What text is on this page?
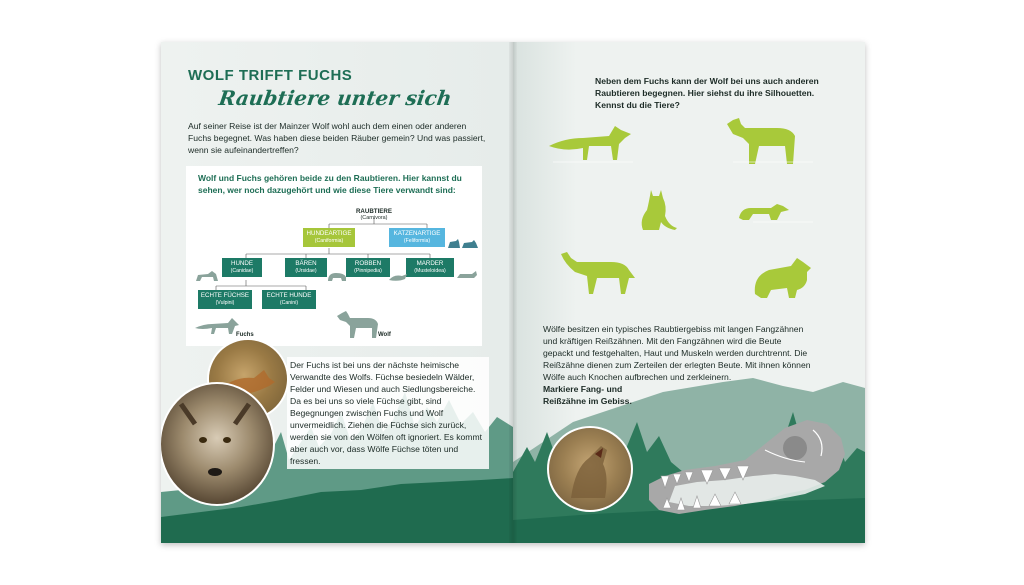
WOLF TRIFFT FUCHS
Raubtiere unter sich
Auf seiner Reise ist der Mainzer Wolf wohl auch dem einen oder anderen Fuchs begegnet. Was haben diese beiden Räuber gemein? Und was passiert, wenn sie aufeinandertreffen?
Wolf und Fuchs gehören beide zu den Raubtieren. Hier kannst du sehen, wer noch dazugehört und wie diese Tiere verwandt sind:
RAUBTIERE
(Carnivora)
HUNDEARTIGE
(Caniformia)
KATZENARTIGE
(Feliformia)
HUNDE
(Canidae)
BÄREN
(Ursidae)
ROBBEN
(Pinnipedia)
MARDER
(Musteloidea)
ECHTE FÜCHSE
(Vulpini)
ECHTE HUNDE
(Canini)
Fuchs	Wolf
Der Fuchs ist bei uns der nächste heimische Verwandte des Wolfs. Füchse besiedeln Wälder, Felder und Wiesen und auch Siedlungsbereiche. Da es bei uns so viele Füchse gibt, sind Begegnungen zwischen Fuchs und Wolf unvermeidlich. Ziehen die Füchse sich zurück, werden sie von den Wölfen oft ignoriert. Es kommt aber auch vor, dass Wölfe Füchse töten und fressen.
Neben dem Fuchs kann der Wolf bei uns auch anderen Raubtieren begegnen. Hier siehst du ihre Silhouetten. Kennst du die Tiere?
Wölfe besitzen ein typisches Raubtiergebiss mit langen Fangzähnen und kräftigen Reißzähnen. Mit den Fangzähnen wird die Beute gepackt und festgehalten, Haut und Muskeln werden durchtrennt. Die Reißzähne dienen zum Zerteilen der erlegten Beute. Mit ihnen können Wölfe auch Knochen aufbrechen und zerkleinern.
Markiere Fang- und Reißzähne im Gebiss.
